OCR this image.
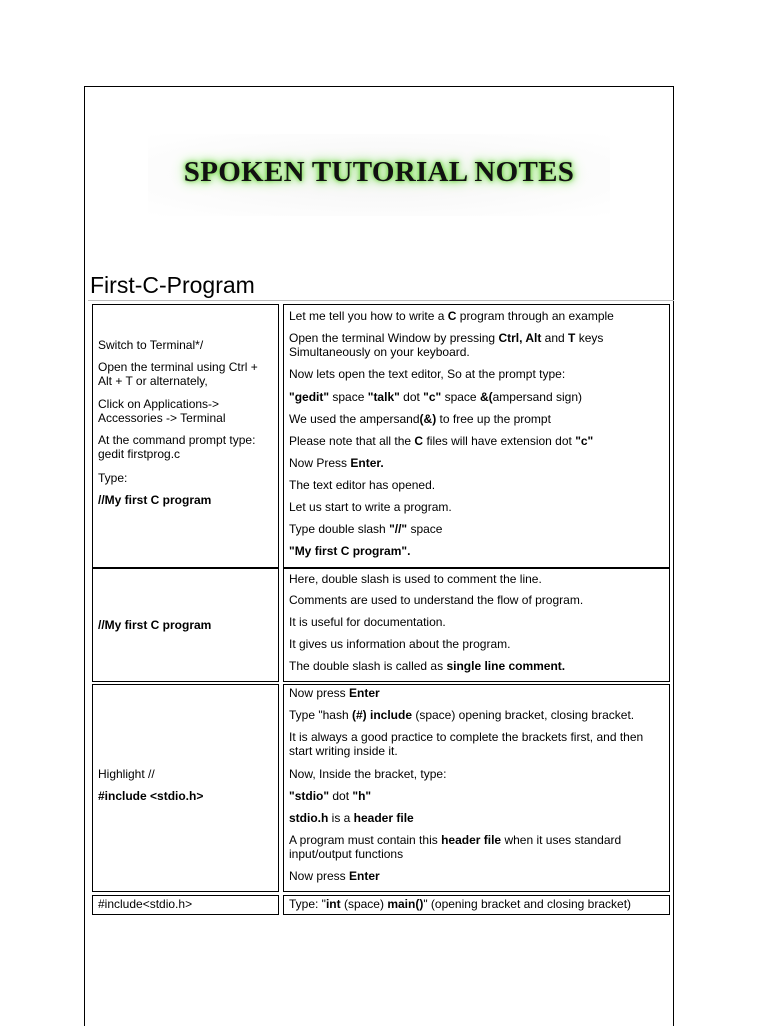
SPOKEN TUTORIAL NOTES
First-C-Program

Switch to Terminal*/

Open the terminal using Ctrl +
Alt + T or alternately,

Click on Applications->
Accessories -> Terminal

At the command prompt type:
gedit firstprog.c

Type:

//My first C program

Let me tell you how to write a C program through an example

Open the terminal Window by pressing Ctrl, Alt and T keys
Simultaneously on your keyboard.

Now lets open the text editor, So at the prompt type:

"gedit" space "talk" dot "c" space &(ampersand sign)

We used the ampersand(&) to free up the prompt

Please note that all the C files will have extension dot "c"

Now Press Enter.

The text editor has opened.

Let us start to write a program.

Type double slash "//" space

"My first C program".

//My first C program

Here, double slash is used to comment the line.

Comments are used to understand the flow of program.

It is useful for documentation.

It gives us information about the program.

The double slash is called as single line comment.

Highlight //

#include <stdio.h>

Now press Enter

Type "hash (#) include (space) opening bracket, closing bracket.

It is always a good practice to complete the brackets first, and then
start writing inside it.

Now, Inside the bracket, type:

"stdio" dot "h"

stdio.h is a header file

A program must contain this header file when it uses standard
input/output functions

Now press Enter

#include<stdio.h>	Type: "int (space) main()" (opening bracket and closing bracket)
